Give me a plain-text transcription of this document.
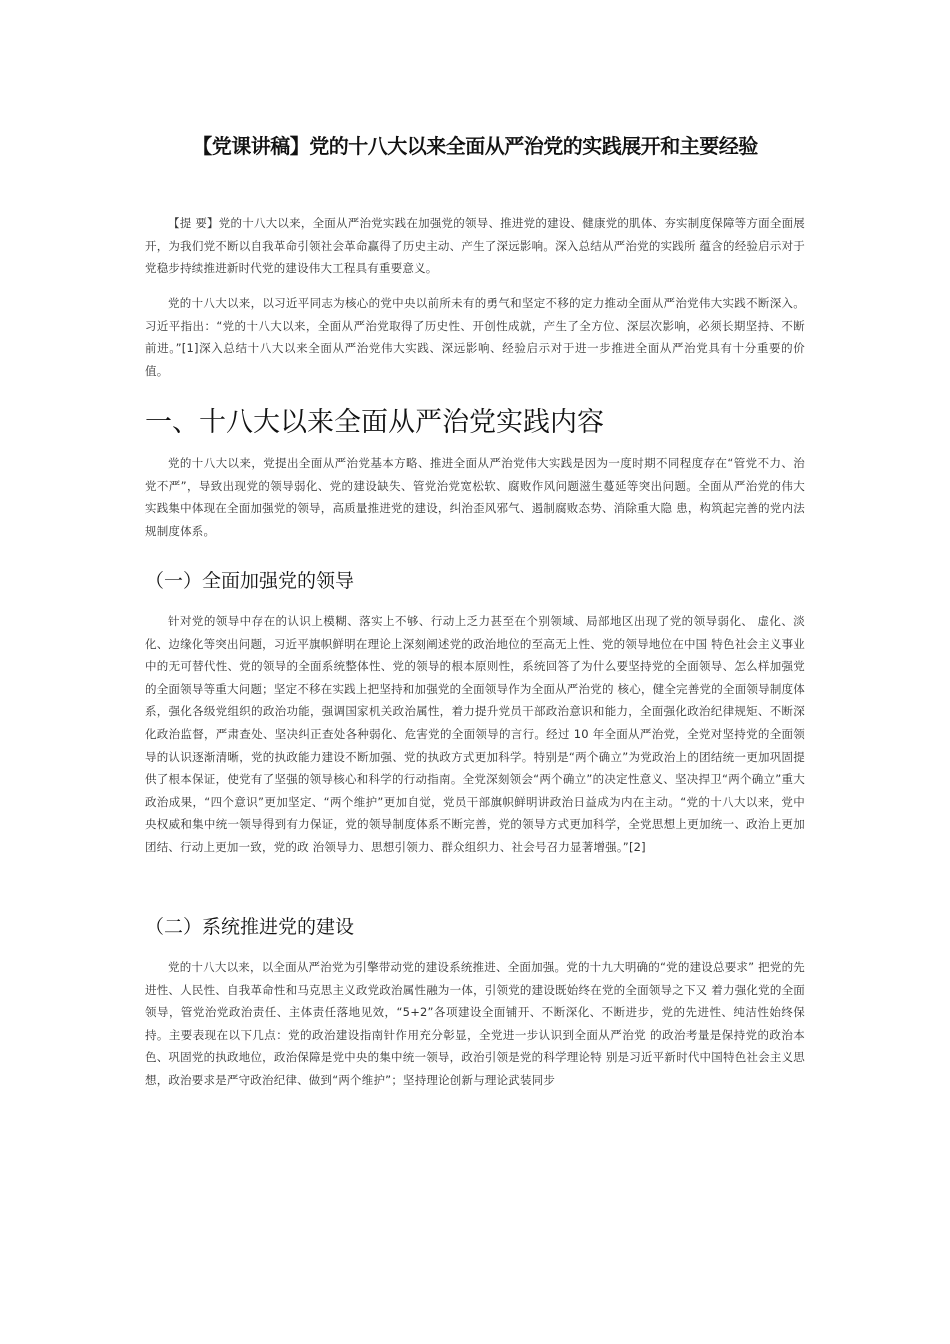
【党课讲稿】党的十八大以来全面从严治党的实践展开和主要经验

【提 要】党的十八大以来，全面从严治党实践在加强党的领导、推进党的建设、健康党的肌体、夯实制度保障等方面全面展开，为我们党不断以自我革命引领社会革命赢得了历史主动、产生了深远影响。深入总结从严治党的实践所 蕴含的经验启示对于党稳步持续推进新时代党的建设伟大工程具有重要意义。

党的十八大以来，以习近平同志为核心的党中央以前所未有的勇气和坚定不移的定力推动全面从严治党伟大实践不断深入。习近平指出：“党的十八大以来，全面从严治党取得了历史性、开创性成就，产生了全方位、深层次影响，必须长期坚持、不断前进。”[1]深入总结十八大以来全面从严治党伟大实践、深远影响、经验启示对于进一步推进全面从严治党具有十分重要的价值。

一、十八大以来全面从严治党实践内容

党的十八大以来，党提出全面从严治党基本方略、推进全面从严治党伟大实践是因为一度时期不同程度存在“管党不力、治党不严”，导致出现党的领导弱化、党的建设缺失、管党治党宽松软、腐败作风问题滋生蔓延等突出问题。全面从严治党的伟大实践集中体现在全面加强党的领导，高质量推进党的建设，纠治歪风邪气、遏制腐败态势、消除重大隐 患，构筑起完善的党内法规制度体系。

（一）全面加强党的领导

针对党的领导中存在的认识上模糊、落实上不够、行动上乏力甚至在个别领域、局部地区出现了党的领导弱化、 虚化、淡化、边缘化等突出问题，习近平旗帜鲜明在理论上深刻阐述党的政治地位的至高无上性、党的领导地位在中国 特色社会主义事业中的无可替代性、党的领导的全面系统整体性、党的领导的根本原则性，系统回答了为什么要坚持党的全面领导、怎么样加强党的全面领导等重大问题；坚定不移在实践上把坚持和加强党的全面领导作为全面从严治党的 核心，健全完善党的全面领导制度体系，强化各级党组织的政治功能，强调国家机关政治属性，着力提升党员干部政治意识和能力，全面强化政治纪律规矩、不断深化政治监督，严肃查处、坚决纠正查处各种弱化、危害党的全面领导的言行。经过 10 年全面从严治党，全党对坚持党的全面领导的认识逐渐清晰，党的执政能力建设不断加强、党的执政方式更加科学。特别是“两个确立”为党政治上的团结统一更加巩固提供了根本保证，使党有了坚强的领导核心和科学的行动指南。全党深刻领会“两个确立”的决定性意义、坚决捍卫“两个确立”重大政治成果，“四个意识”更加坚定、“两个维护”更加自觉，党员干部旗帜鲜明讲政治日益成为内在主动。“党的十八大以来，党中央权威和集中统一领导得到有力保证，党的领导制度体系不断完善，党的领导方式更加科学，全党思想上更加统一、政治上更加团结、行动上更加一致，党的政 治领导力、思想引领力、群众组织力、社会号召力显著增强。”[2]

（二）系统推进党的建设

党的十八大以来，以全面从严治党为引擎带动党的建设系统推进、全面加强。党的十九大明确的“党的建设总要求” 把党的先进性、人民性、自我革命性和马克思主义政党政治属性融为一体，引领党的建设既始终在党的全面领导之下又 着力强化党的全面领导，管党治党政治责任、主体责任落地见效，“5+2”各项建设全面铺开、不断深化、不断进步，党的先进性、纯洁性始终保持。主要表现在以下几点：党的政治建设指南针作用充分彰显，全党进一步认识到全面从严治党 的政治考量是保持党的政治本色、巩固党的执政地位，政治保障是党中央的集中统一领导，政治引领是党的科学理论特 别是习近平新时代中国特色社会主义思想，政治要求是严守政治纪律、做到“两个维护”；坚持理论创新与理论武装同步
